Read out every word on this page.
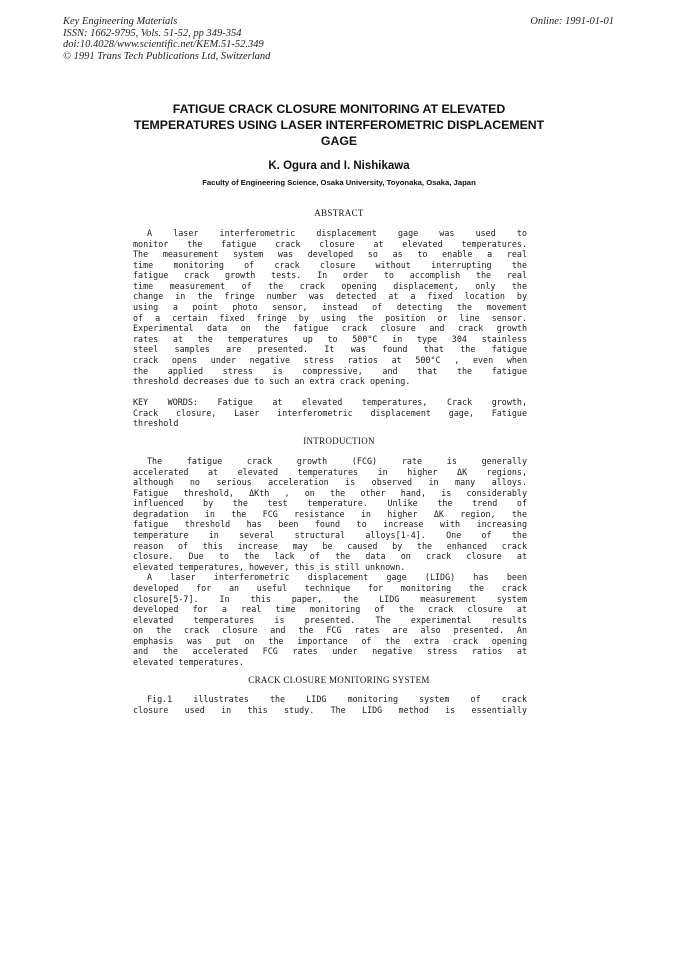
Key Engineering Materials
ISSN: 1662-9795, Vols. 51-52, pp 349-354
doi:10.4028/www.scientific.net/KEM.51-52.349
© 1991 Trans Tech Publications Ltd, Switzerland
Online: 1991-01-01
FATIGUE CRACK CLOSURE MONITORING AT ELEVATED
TEMPERATURES USING LASER INTERFEROMETRIC DISPLACEMENT
GAGE
K. Ogura and I. Nishikawa
Faculty of Engineering Science, Osaka University, Toyonaka, Osaka, Japan
ABSTRACT
A laser interferometric displacement gage was used to
monitor the fatigue crack closure at elevated temperatures.
The measurement system was developed so as to enable a real
time monitoring of crack closure without interrupting the
fatigue crack growth tests. In order to accomplish the real
time measurement of the crack opening displacement, only the
change in the fringe number was detected at a fixed location by
using a point photo sensor, instead of detecting the movement
of a certain fixed fringe by using the position or line sensor.
Experimental data on the fatigue crack closure and crack growth
rates at the temperatures up to 500°C in type 304 stainless
steel samples are presented. It was found that the fatigue
crack opens under negative stress ratios at 500°C , even when
the applied stress is compressive, and that the fatigue
threshold decreases due to such an extra crack opening.
KEY WORDS: Fatigue at elevated temperatures, Crack growth,
Crack closure, Laser interferometric displacement gage, Fatigue
threshold
INTRODUCTION
The fatigue crack growth (FCG) rate is generally
accelerated at elevated temperatures in higher ΔK regions,
although no serious acceleration is observed in many alloys.
Fatigue threshold, ΔKth , on the other hand, is considerably
influenced by the test temperature. Unlike the trend of
degradation in the FCG resistance in higher ΔK region, the
fatigue threshold has been found to increase with increasing
temperature in several structural alloys[1-4]. One of the
reason of this increase may be caused by the enhanced crack
closure. Due to the lack of the data on crack closure at
elevated temperatures, however, this is still unknown.
A laser interferometric displacement gage (LIDG) has been
developed for an useful technique for monitoring the crack
closure[5-7]. In this paper, the LIDG measurement system
developed for a real time monitoring of the crack closure at
elevated temperatures is presented. The experimental results
on the crack closure and the FCG rates are also presented. An
emphasis was put on the importance of the extra crack opening
and the accelerated FCG rates under negative stress ratios at
elevated temperatures.
CRACK CLOSURE MONITORING SYSTEM
Fig.1 illustrates the LIDG monitoring system of crack
closure used in this study. The LIDG method is essentially
